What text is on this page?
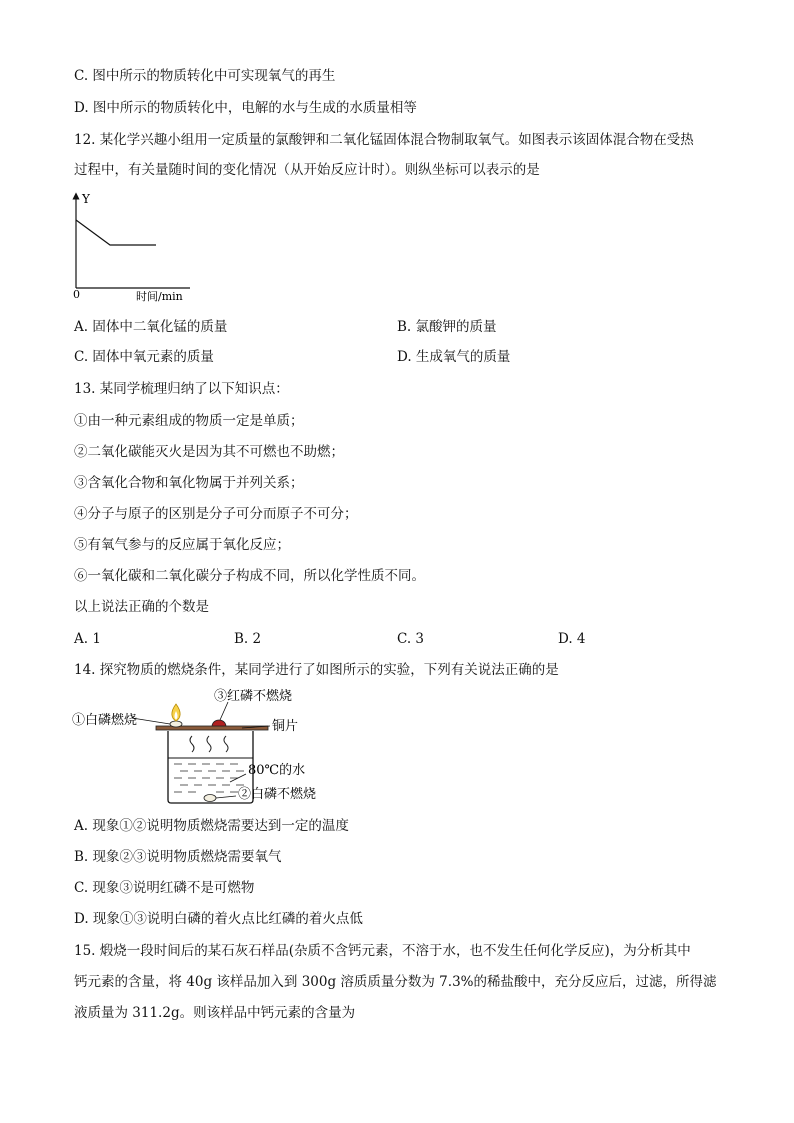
C. 图中所示的物质转化中可实现氧气的再生
D. 图中所示的物质转化中，电解的水与生成的水质量相等
12. 某化学兴趣小组用一定质量的氯酸钾和二氧化锰固体混合物制取氧气。如图表示该固体混合物在受热
过程中，有关量随时间的变化情况（从开始反应计时）。则纵坐标可以表示的是
Y
0	时间/min
A. 固体中二氧化锰的质量	B. 氯酸钾的质量
C. 固体中氧元素的质量	D. 生成氧气的质量
13. 某同学梳理归纳了以下知识点：
①由一种元素组成的物质一定是单质；
②二氧化碳能灭火是因为其不可燃也不助燃；
③含氧化合物和氧化物属于并列关系；
④分子与原子的区别是分子可分而原子不可分；
⑤有氧气参与的反应属于氧化反应；
⑥一氧化碳和二氧化碳分子构成不同，所以化学性质不同。
以上说法正确的个数是
A. 1	B. 2	C. 3	D. 4
14. 探究物质的燃烧条件，某同学进行了如图所示的实验，下列有关说法正确的是
①白磷燃烧
③红磷不燃烧
铜片
80℃的水
②白磷不燃烧
A. 现象①②说明物质燃烧需要达到一定的温度
B. 现象②③说明物质燃烧需要氧气
C. 现象③说明红磷不是可燃物
D. 现象①③说明白磷的着火点比红磷的着火点低
15. 煅烧一段时间后的某石灰石样品(杂质不含钙元素，不溶于水，也不发生任何化学反应)，为分析其中
钙元素的含量，将 40g 该样品加入到 300g 溶质质量分数为 7.3%的稀盐酸中，充分反应后，过滤，所得滤
液质量为 311.2g。则该样品中钙元素的含量为
